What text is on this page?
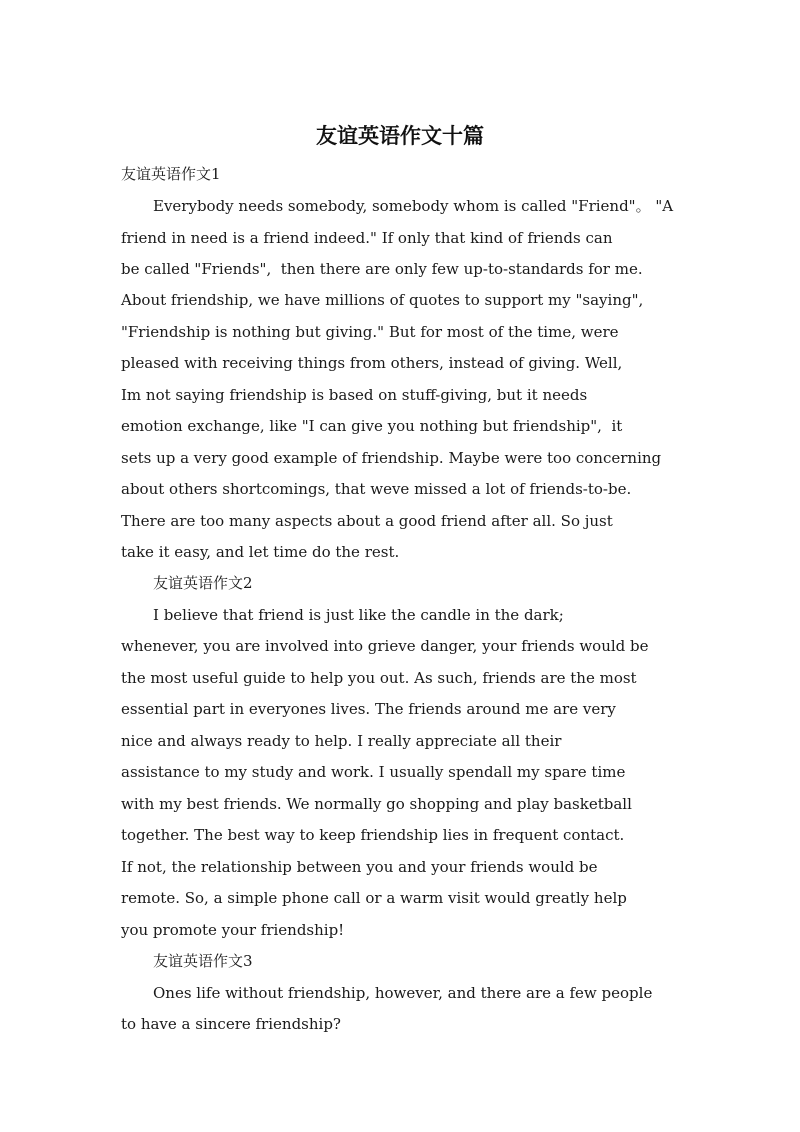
友谊英语作文十篇
友谊英语作文1
Everybody needs somebody, somebody whom is called "Friend"。 "A
friend in need is a friend indeed." If only that kind of friends can
be called "Friends",  then there are only few up-to-standards for me.
About friendship, we have millions of quotes to support my "saying",
"Friendship is nothing but giving." But for most of the time, were
pleased with receiving things from others, instead of giving. Well,
Im not saying friendship is based on stuff-giving, but it needs
emotion exchange, like "I can give you nothing but friendship",  it
sets up a very good example of friendship. Maybe were too concerning
about others shortcomings, that weve missed a lot of friends-to-be.
There are too many aspects about a good friend after all. So just
take it easy, and let time do the rest.
友谊英语作文2
I believe that friend is just like the candle in the dark;
whenever, you are involved into grieve danger, your friends would be
the most useful guide to help you out. As such, friends are the most
essential part in everyones lives. The friends around me are very
nice and always ready to help. I really appreciate all their
assistance to my study and work. I usually spendall my spare time
with my best friends. We normally go shopping and play basketball
together. The best way to keep friendship lies in frequent contact.
If not, the relationship between you and your friends would be
remote. So, a simple phone call or a warm visit would greatly help
you promote your friendship!
友谊英语作文3
Ones life without friendship, however, and there are a few people
to have a sincere friendship?
